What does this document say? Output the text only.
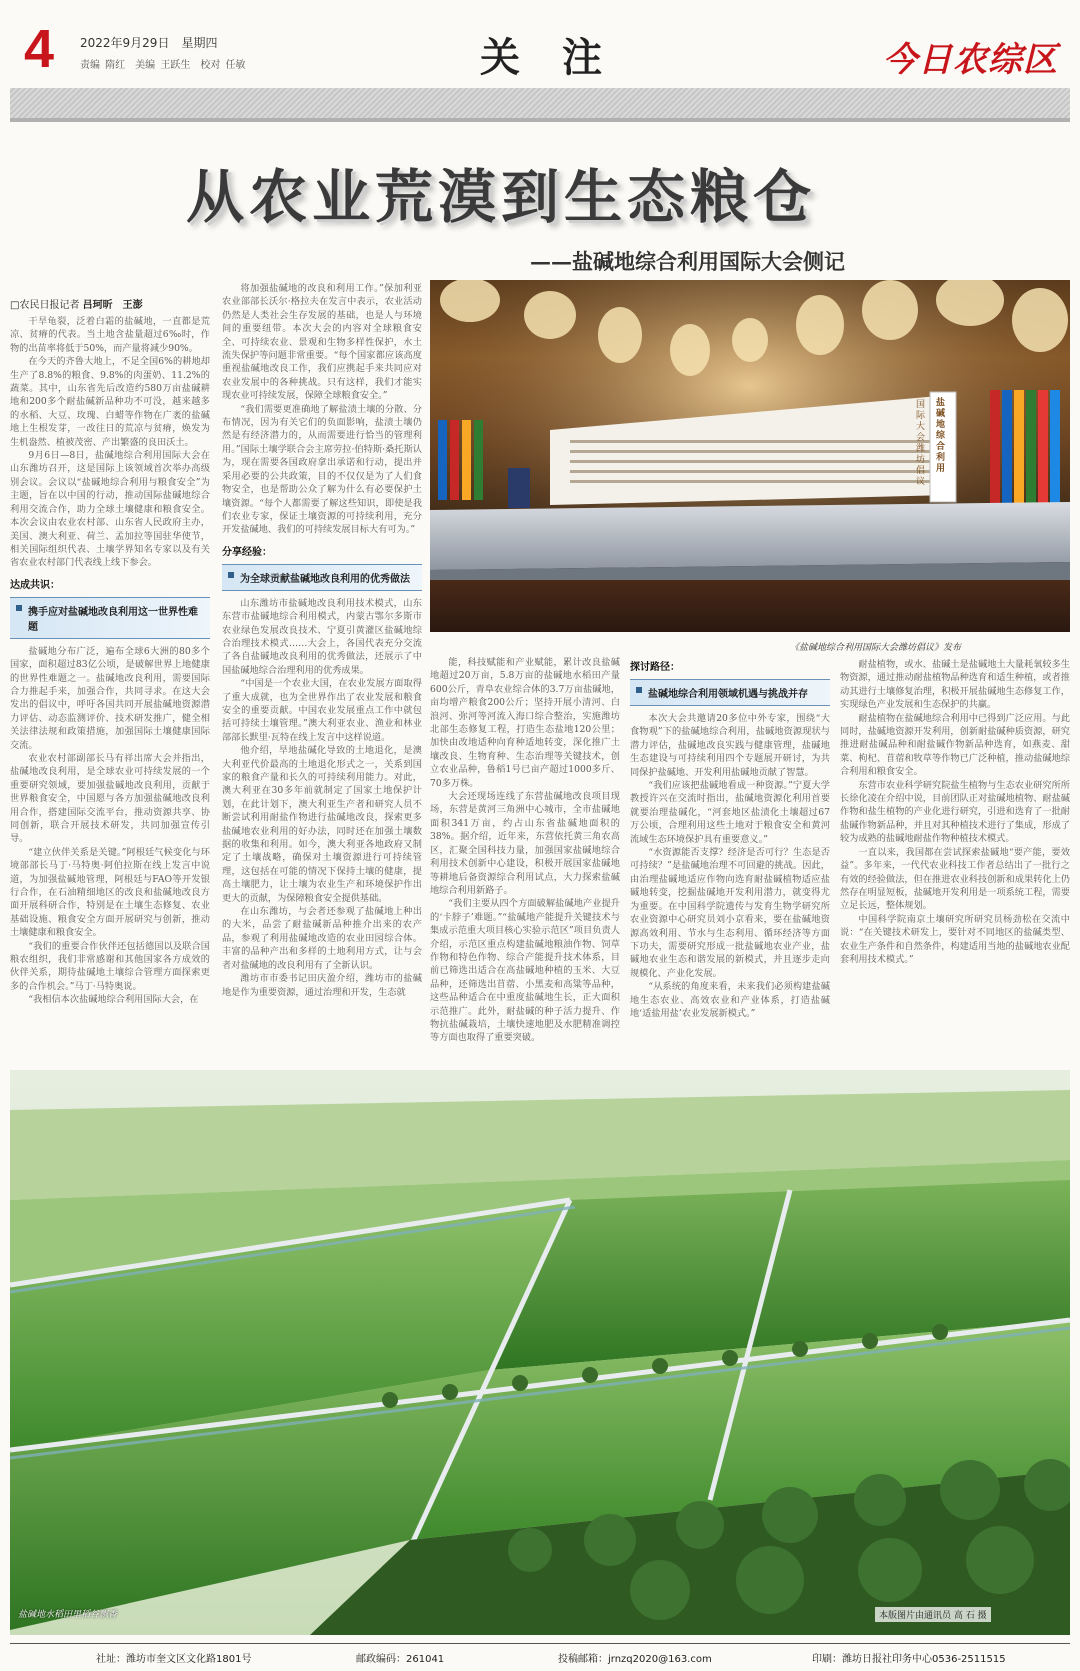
4 2022年9月29日　星期四
责编 隋红　美编 王跃生　校对 任敏	关注	今日农综区
从农业荒漠到生态粮仓
——盐碱地综合利用国际大会侧记
□农民日报记者 吕珂昕　王澎

干旱龟裂，泛着白霜的盐碱地，一直都是荒凉、贫瘠的代表。当土地含盐量超过6‰时，作物的出苗率将低于50%，而产量将减少90%。

在今天的齐鲁大地上，不足全国6%的耕地却生产了8.8%的粮食、9.8%的肉蛋奶、11.2%的蔬菜。其中，山东省先后改造约580万亩盐碱耕地和200多个耐盐碱新品种功不可没，越来越多的水稻、大豆、玫瑰、白蜡等作物在广袤的盐碱地上生根发芽，一改往日的荒凉与贫瘠，焕发为生机盎然、植被茂密、产出繁盛的良田沃土。

9月6日—8日，盐碱地综合利用国际大会在山东潍坊召开，这是国际上该领域首次举办高级别会议。会议以“盐碱地综合利用与粮食安全”为主题，旨在以中国的行动，推动国际盐碱地综合利用交流合作，助力全球土壤健康和粮食安全。本次会议由农业农村部、山东省人民政府主办，美国、澳大利亚、荷兰、孟加拉等国驻华使节，相关国际组织代表、土壤学界知名专家以及有关省农业农村部门代表线上线下参会。

达成共识：
携手应对盐碱地改良利用这一世界性难题

盐碱地分布广泛，遍布全球6大洲的80多个国家，面积超过83亿公顷，是破解世界上地健康的世界性难题之一。盐碱地改良利用，需要国际合力推起手来，加强合作，共同寻求。在这大会发出的倡议中，呼吁各国共同开展盐碱地资源潜力评估、动态监测评价、技术研发推广，健全相关法律法规和政策措施，加强国际土壤健康国际交流。

农业农村部副部长马有祥出席大会并指出，盐碱地改良利用，是全球农业可持续发展的一个重要研究领域，要加强盐碱地改良利用，贡献于世界粮食安全，中国愿与各方加强盐碱地改良利用合作，搭建国际交流平台，推动资源共享、协同创新，联合开展技术研发，共同加强宣传引导。

“建立伙伴关系是关键。”阿根廷气候变化与环境部部长马丁·马特奥·阿伯拉斯在线上发言中说道，为加强盐碱地管理，阿根廷与FAO等开发银行合作，在石油精细地区的改良和盐碱地改良方面开展科研合作，特别是在土壤生态修复、农业基础设施、粮食安全方面开展研究与创新，推动土壤健康和粮食安全。

“我们的重要合作伙伴还包括德国以及联合国粮农组织，我们非常感谢和其他国家各方成效的伙伴关系，期待盐碱地土壤综合管理方面探索更多的合作机会。”马丁·马特奥说。

“我相信本次盐碱地综合利用国际大会，在

将加强盐碱地的改良和利用工作。”保加利亚农业部部长沃尔·格拉夫在发言中表示，农业活动仍然是人类社会生存发展的基础，也是人与环境间的重要纽带。本次大会的内容对全球粮食安全、可持续农业、景观和生物多样性保护，水土流失保护等问题非常重要。“每个国家都应该高度重视盐碱地改良工作，我们应携起手来共同应对农业发展中的各种挑战。只有这样，我们才能实现农业可持续发展，保障全球粮食安全。”

“我们需要更准确地了解盐渍土壤的分散、分布情况，因为有关它们的负面影响，盐渍土壤仍然是有经济潜力的，从而需要进行恰当的管理利用。”国际土壤学联合会主席劳拉·伯特斯·桑托斯认为，现在需要各国政府拿出承诺和行动，提出并采用必要的公共政策，目的不仅仅是为了人们食物安全，也是帮助公众了解为什么有必要保护土壤资源。“每个人都需要了解这些知识，即使是我们农业专家，保证土壤资源的可持续利用，充分开发盐碱地、我们的可持续发展目标大有可为。”

分享经验：
为全球贡献盐碱地改良利用的优秀做法

山东潍坊市盐碱地改良利用技术模式，山东东营市盐碱地综合利用模式，内蒙古鄂尔多斯市农业绿色发展改良技术、宁夏引黄灌区盐碱地综合治理技术模式……大会上，各国代表充分交流了各自盐碱地改良利用的优秀做法，还展示了中国盐碱地综合治理利用的优秀成果。

“中国是一个农业大国，在农业发展方面取得了重大成就，也为全世界作出了农业发展和粮食安全的重要贡献。中国农业发展重点工作中就包括可持续土壤管理。”澳大利亚农业、渔业和林业部部长默里·瓦特在线上发言中这样说道。

他介绍，旱地盐碱化导致的土地退化，是澳大利亚代价最高的土地退化形式之一，关系到国家的粮食产量和长久的可持续利用能力。对此，澳大利亚在30多年前就制定了国家土地保护计划，在此计划下，澳大利亚生产者和研究人员不断尝试利用耐盐作物进行盐碱地改良，探索更多盐碱地农业利用的好办法，同时还在加强土壤数据的收集和利用。如今，澳大利亚各地政府又制定了土壤战略，确保对土壤资源进行可持续管理，这包括在可能的情况下保持土壤的健康，提高土壤肥力，让土壤为农业生产和环境保护作出更大的贡献，为保障粮食安全提供基础。

在山东潍坊，与会者还参观了盐碱地上种出的大米，品尝了耐盐碱新品种推介出来的农产品，参观了利用盐碱地改造的农业田园综合体。丰富的品种产出和多样的土地利用方式，让与会者对盐碱地的改良利用有了全新认识。

潍坊市市委书记田庆盈介绍，潍坊市的盐碱地是作为重要资源，通过治理和开发，生态就

盐碱地综合利用
国际大会潍坊倡议
《盐碱地综合利用国际大会潍坊倡议》发布

能，科技赋能和产业赋能，累计改良盐碱地超过20万亩，5.8万亩的盐碱地水稻田产量600公斤，青阜农业综合体的3.7万亩盐碱地，亩均增产粮食200公斤；坚持开展小清河、白浪河、弥河等河流入海口综合整治，实施潍坊北部生态修复工程，打造生态盐地120公里；加快由改地适种向育种适地转变，深化推广土壤改良、生物育种、生态治理等关键技术，创立农业品种，鲁稻1号已亩产超过1000多斤、70多万株。

大会还现场连线了东营盐碱地改良项目现场，东营是黄河三角洲中心城市，全市盐碱地面积341万亩，约占山东省盐碱地面积的38%。据介绍，近年来，东营依托黄三角农高区，汇聚全国科技力量，加强国家盐碱地综合利用技术创新中心建设，积极开展国家盐碱地等耕地后备资源综合利用试点，大力探索盐碱地综合利用新路子。

“我们主要从四个方面破解盐碱地产业提升的‘卡脖子’难题。”“盐碱地产能提升关键技术与集成示范重大项目核心实验示范区”项目负责人介绍，示范区重点构建盐碱地粮油作物、饲草作物和特色作物、综合产能提升技术体系，目前已筛选出适合在高盐碱地种植的玉米、大豆品种，还筛选出苜蓿、小黑麦和高粱等品种，这些品种适合在中重度盐碱地生长，正大面积示范推广。此外，耐盐碱的种子活力提升、作物抗盐碱栽培，土壤快速地肥及水肥精准调控等方面也取得了重要突破。

探讨路径：
盐碱地综合利用领域机遇与挑战并存

本次大会共邀请20多位中外专家，围绕“大食物观”下的盐碱地综合利用，盐碱地资源现状与潜力评估，盐碱地改良实践与健康管理，盐碱地生态建设与可持续利用四个专题展开研讨，为共同保护盐碱地、开发利用盐碱地贡献了智慧。

“我们应该把盐碱地看成一种资源。”宁夏大学教授许兴在交流时指出，盐碱地资源化利用首要就要治理盐碱化，“河套地区盐渍化土壤超过67万公顷，合理利用这些土地对于粮食安全和黄河流域生态环境保护具有重要意义。”

“水资源能否支撑？经济是否可行？生态是否可持续？”是盐碱地治理不可回避的挑战。因此，由治理盐碱地适应作物向选育耐盐碱植物适应盐碱地转变，挖掘盐碱地开发利用潜力，就变得尤为重要。在中国科学院遗传与发育生物学研究所农业资源中心研究员刘小京看来，要在盐碱地资源高效利用、节水与生态利用、循环经济等方面下功夫，需要研究形成一批盐碱地农业产业，盐碱地农业生态和谐发展的新模式，并且逐步走向规模化、产业化发展。

“从系统的角度来看，未来我们必须构建盐碱地生态农业、高效农业和产业体系，打造盐碱地‘适盐用盐’农业发展新模式。”

耐盐植物，或水、盐碱土是盐碱地土大量耗氧较多生物资源，通过推动耐盐植物品种选育和适生种植，或者推动其进行土壤修复治理，积极开展盐碱地生态修复工作，实现绿色产业发展和生态保护的共赢。

耐盐植物在盐碱地综合利用中已得到广泛应用。与此同时，盐碱地资源开发利用，创新耐盐碱种质资源，研究推进耐盐碱品种和耐盐碱作物新品种选育，如燕麦、甜菜、枸杞、苜蓿和牧草等作物已广泛种植，推动盐碱地综合利用和粮食安全。

东营市农业科学研究院盐生植物与生态农业研究所所长徐化凌在介绍中说，目前团队正对盐碱地植物、耐盐碱作物和盐生植物的产业化进行研究，引进和选育了一批耐盐碱作物新品种，并且对其种植技术进行了集成，形成了较为成熟的盐碱地耐盐作物种植技术模式。

一直以来，我国都在尝试探索盐碱地“要产能，要效益”。多年来，一代代农业科技工作者总结出了一批行之有效的经验做法，但在推进农业科技创新和成果转化上仍然存在明显短板，盐碱地开发利用是一项系统工程，需要立足长远，整体规划。

中国科学院南京土壤研究所研究员杨劲松在交流中说：“在关键技术研发上，要针对不同地区的盐碱类型、农业生产条件和自然条件，构建适用当地的盐碱地农业配套利用技术模式。”

盐碱地水稻田里稻谷飘香	本版图片由通讯员 高 石 摄
社址：潍坊市奎文区文化路1801号	邮政编码：261041	投稿邮箱：jrnzq2020@163.com	印刷：潍坊日报社印务中心0536-2511515
